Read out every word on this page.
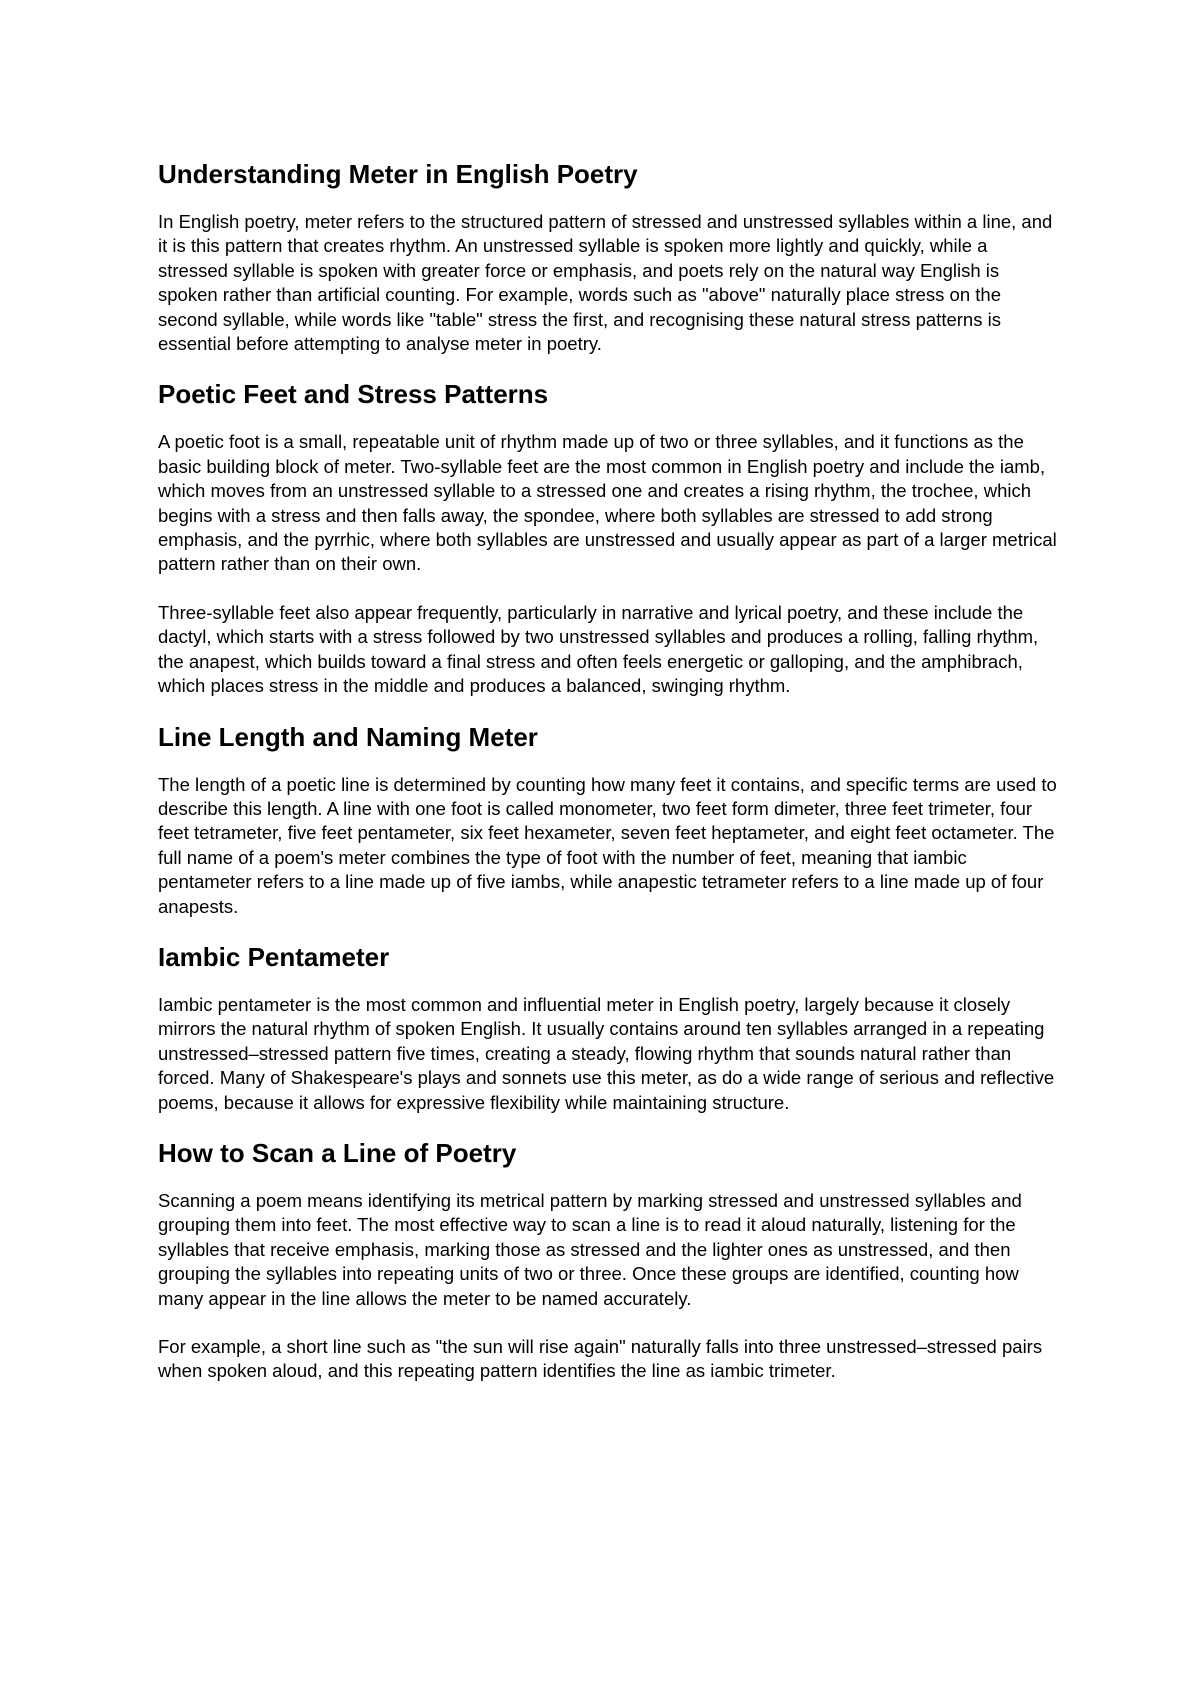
Understanding Meter in English Poetry

In English poetry, meter refers to the structured pattern of stressed and unstressed syllables within a line, and it is this pattern that creates rhythm. An unstressed syllable is spoken more lightly and quickly, while a stressed syllable is spoken with greater force or emphasis, and poets rely on the natural way English is spoken rather than artificial counting. For example, words such as "above" naturally place stress on the second syllable, while words like "table" stress the first, and recognising these natural stress patterns is essential before attempting to analyse meter in poetry.

Poetic Feet and Stress Patterns

A poetic foot is a small, repeatable unit of rhythm made up of two or three syllables, and it functions as the basic building block of meter. Two-syllable feet are the most common in English poetry and include the iamb, which moves from an unstressed syllable to a stressed one and creates a rising rhythm, the trochee, which begins with a stress and then falls away, the spondee, where both syllables are stressed to add strong emphasis, and the pyrrhic, where both syllables are unstressed and usually appear as part of a larger metrical pattern rather than on their own.

Three-syllable feet also appear frequently, particularly in narrative and lyrical poetry, and these include the dactyl, which starts with a stress followed by two unstressed syllables and produces a rolling, falling rhythm, the anapest, which builds toward a final stress and often feels energetic or galloping, and the amphibrach, which places stress in the middle and produces a balanced, swinging rhythm.

Line Length and Naming Meter

The length of a poetic line is determined by counting how many feet it contains, and specific terms are used to describe this length. A line with one foot is called monometer, two feet form dimeter, three feet trimeter, four feet tetrameter, five feet pentameter, six feet hexameter, seven feet heptameter, and eight feet octameter. The full name of a poem's meter combines the type of foot with the number of feet, meaning that iambic pentameter refers to a line made up of five iambs, while anapestic tetrameter refers to a line made up of four anapests.

Iambic Pentameter

Iambic pentameter is the most common and influential meter in English poetry, largely because it closely mirrors the natural rhythm of spoken English. It usually contains around ten syllables arranged in a repeating unstressed–stressed pattern five times, creating a steady, flowing rhythm that sounds natural rather than forced. Many of Shakespeare's plays and sonnets use this meter, as do a wide range of serious and reflective poems, because it allows for expressive flexibility while maintaining structure.

How to Scan a Line of Poetry

Scanning a poem means identifying its metrical pattern by marking stressed and unstressed syllables and grouping them into feet. The most effective way to scan a line is to read it aloud naturally, listening for the syllables that receive emphasis, marking those as stressed and the lighter ones as unstressed, and then grouping the syllables into repeating units of two or three. Once these groups are identified, counting how many appear in the line allows the meter to be named accurately.

For example, a short line such as "the sun will rise again" naturally falls into three unstressed–stressed pairs when spoken aloud, and this repeating pattern identifies the line as iambic trimeter.
